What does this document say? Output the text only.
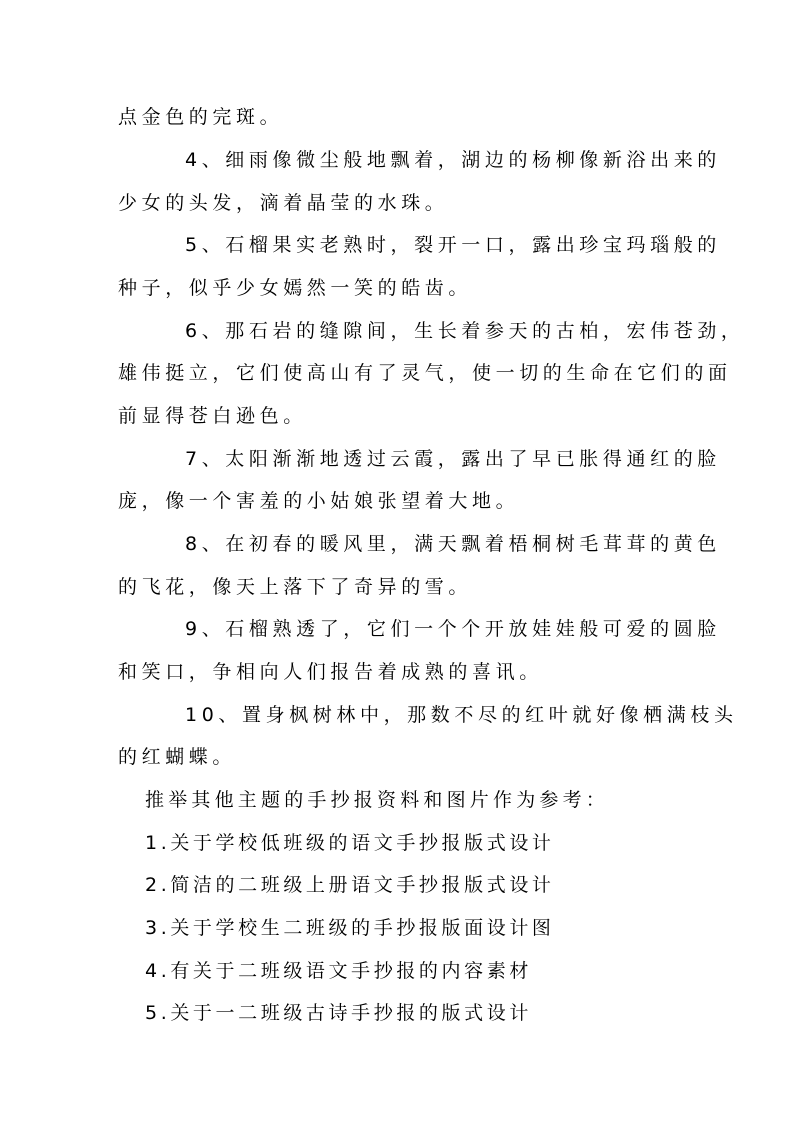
点金色的完斑。
4、细雨像微尘般地飘着，湖边的杨柳像新浴出来的
少女的头发，滴着晶莹的水珠。
5、石榴果实老熟时，裂开一口，露出珍宝玛瑙般的
种子，似乎少女嫣然一笑的皓齿。
6、那石岩的缝隙间，生长着参天的古柏，宏伟苍劲，
雄伟挺立，它们使高山有了灵气，使一切的生命在它们的面
前显得苍白逊色。
7、太阳渐渐地透过云霞，露出了早已胀得通红的脸
庞，像一个害羞的小姑娘张望着大地。
8、在初春的暖风里，满天飘着梧桐树毛茸茸的黄色
的飞花，像天上落下了奇异的雪。
9、石榴熟透了，它们一个个开放娃娃般可爱的圆脸
和笑口，争相向人们报告着成熟的喜讯。
10、置身枫树林中，那数不尽的红叶就好像栖满枝头
的红蝴蝶。
推举其他主题的手抄报资料和图片作为参考：
1.关于学校低班级的语文手抄报版式设计
2.简洁的二班级上册语文手抄报版式设计
3.关于学校生二班级的手抄报版面设计图
4.有关于二班级语文手抄报的内容素材
5.关于一二班级古诗手抄报的版式设计
